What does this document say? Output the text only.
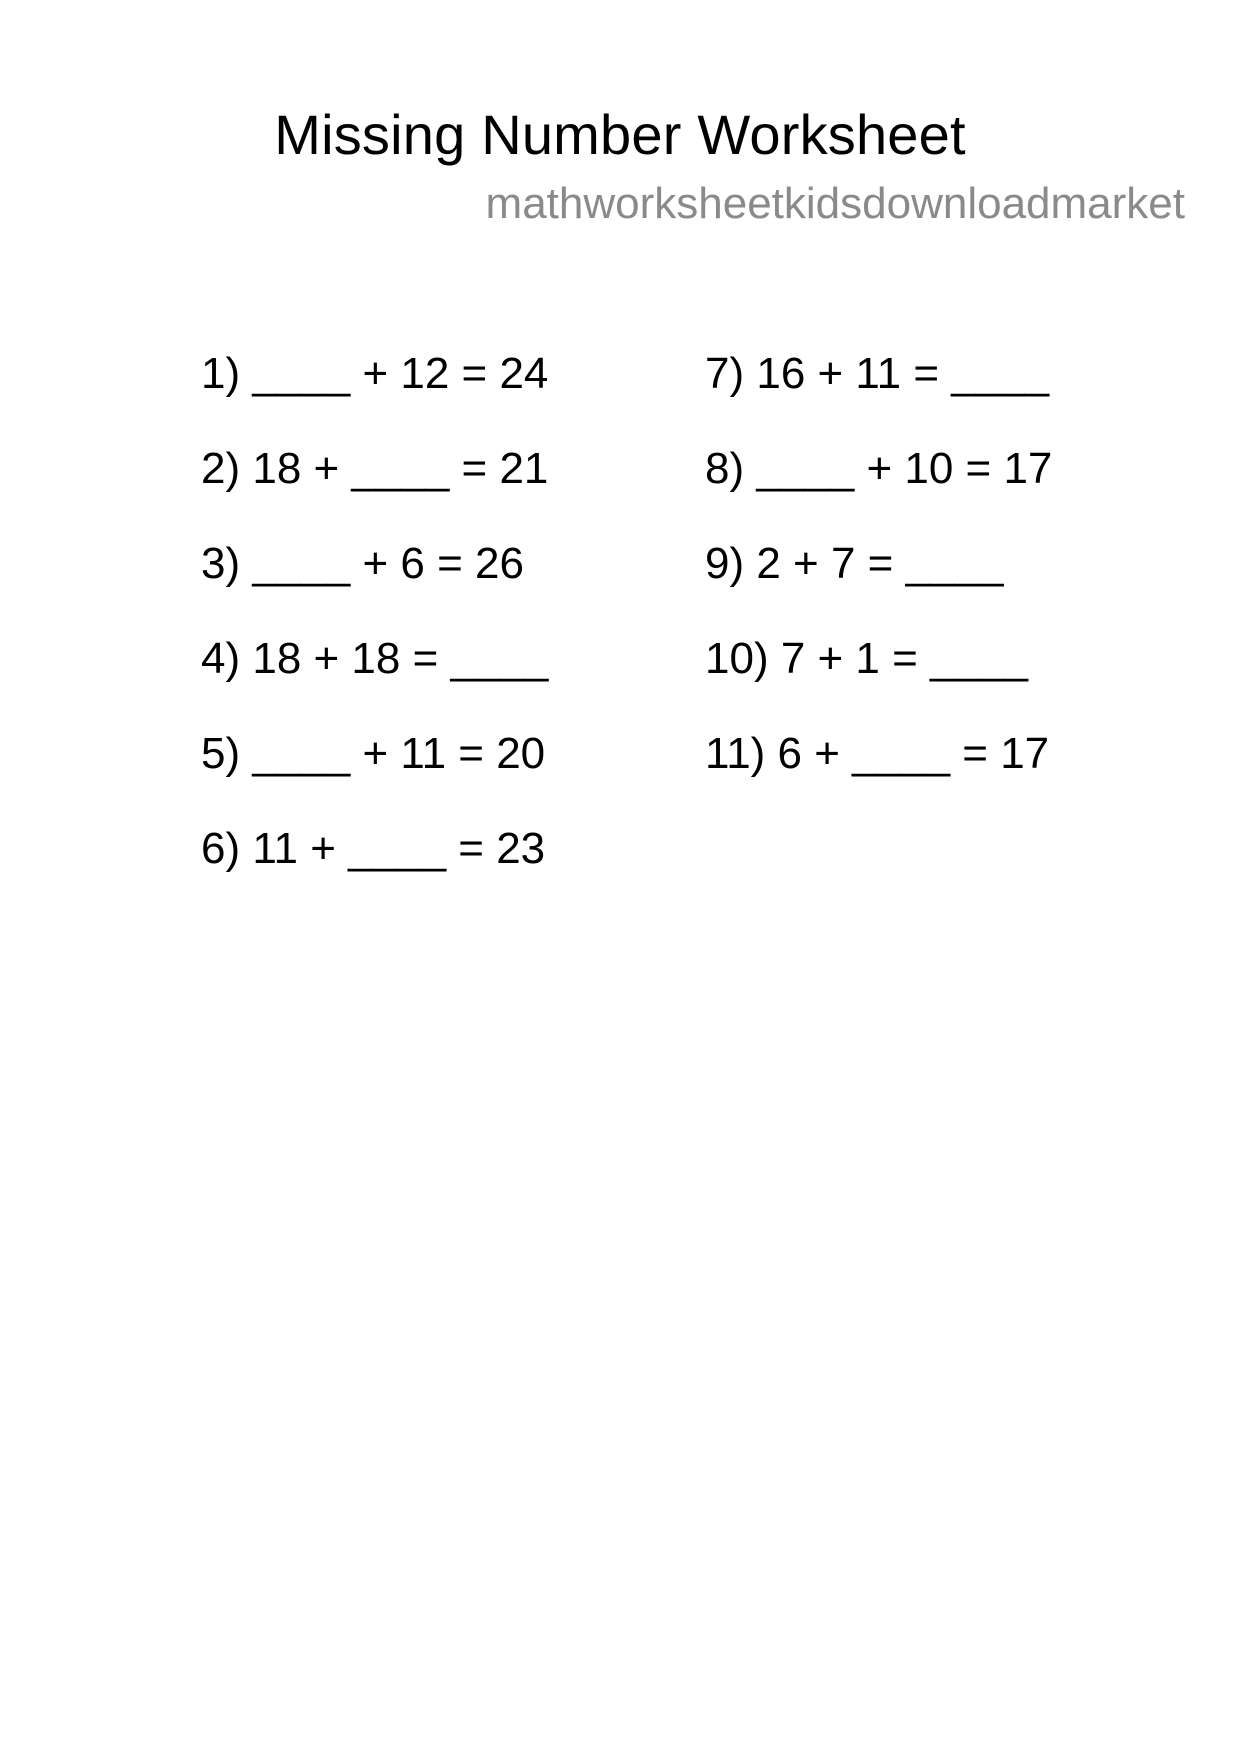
Missing Number Worksheet
mathworksheetkidsdownloadmarket
1) ____ + 12 = 24
2) 18 + ____ = 21
3) ____ + 6 = 26
4) 18 + 18 = ____
5) ____ + 11 = 20
6) 11 + ____ = 23
7) 16 + 11 = ____
8) ____ + 10 = 17
9) 2 + 7 = ____
10) 7 + 1 = ____
11) 6 + ____ = 17
